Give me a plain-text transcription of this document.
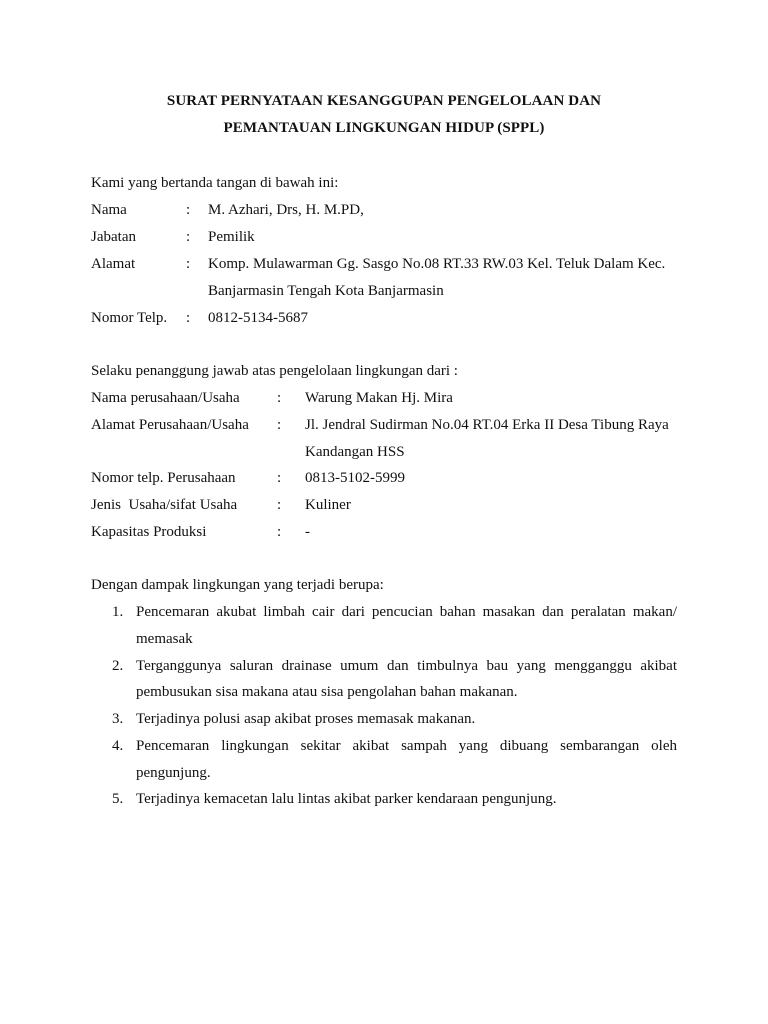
SURAT PERNYATAAN KESANGGUPAN PENGELOLAAN DAN
PEMANTAUAN LINGKUNGAN HIDUP (SPPL)
Kami yang bertanda tangan di bawah ini:
Nama	: M. Azhari, Drs, H. M.PD,
Jabatan	: Pemilik
Alamat	: Komp. Mulawarman Gg. Sasgo No.08 RT.33 RW.03 Kel. Teluk Dalam Kec.
Banjarmasin Tengah Kota Banjarmasin
Nomor Telp. : 0812-5134-5687
Selaku penanggung jawab atas pengelolaan lingkungan dari :
Nama perusahaan/Usaha : Warung Makan Hj. Mira
Alamat Perusahaan/Usaha : Jl. Jendral Sudirman No.04 RT.04 Erka II Desa Tibung Raya
Kandangan HSS
Nomor telp. Perusahaan	: 0813-5102-5999
Jenis  Usaha/sifat Usaha	: Kuliner
Kapasitas Produksi	: -
Dengan dampak lingkungan yang terjadi berupa:
1. Pencemaran akubat limbah cair dari pencucian bahan masakan dan peralatan makan/
memasak
2. Terganggunya saluran drainase umum dan timbulnya bau yang mengganggu akibat
pembusukan sisa makana atau sisa pengolahan bahan makanan.
3. Terjadinya polusi asap akibat proses memasak makanan.
4. Pencemaran lingkungan sekitar akibat sampah yang dibuang sembarangan oleh
pengunjung.
5. Terjadinya kemacetan lalu lintas akibat parker kendaraan pengunjung.
